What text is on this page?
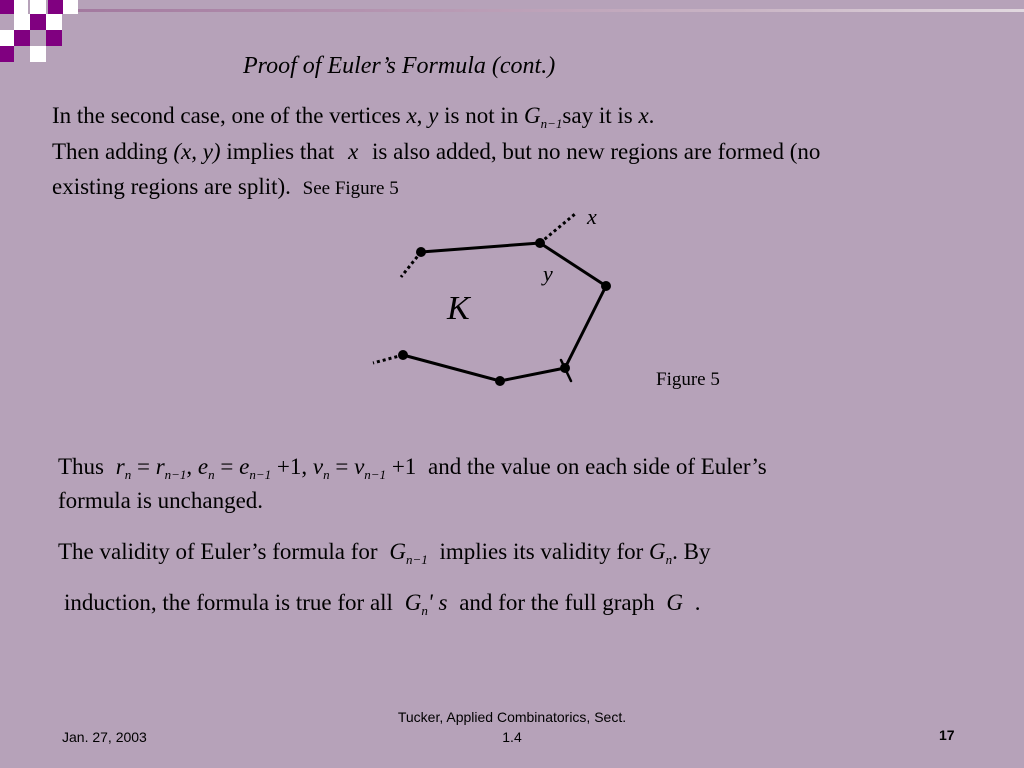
Proof of Euler’s Formula (cont.)
In the second case, one of the vertices x, y is not in $G_{n-1}say$ it is x.
Then adding (x, y) implies that x is also added, but no new regions are formed (no
existing regions are split). See Figure 5
x
y
K
Figure 5
Thus $r_n = r_{n-1}$, $e_n = e_{n-1} +1$, $v_n = v_{n-1} +1$ and the value on each side of Euler’s
formula is unchanged.
The validity of Euler’s formula for $G_{n-1}$ implies its validity for $G_n$. By
induction, the formula is true for all $G_n'$ s and for the full graph G .
Jan. 27, 2003
Tucker, Applied Combinatorics, Sect.
1.4	17
